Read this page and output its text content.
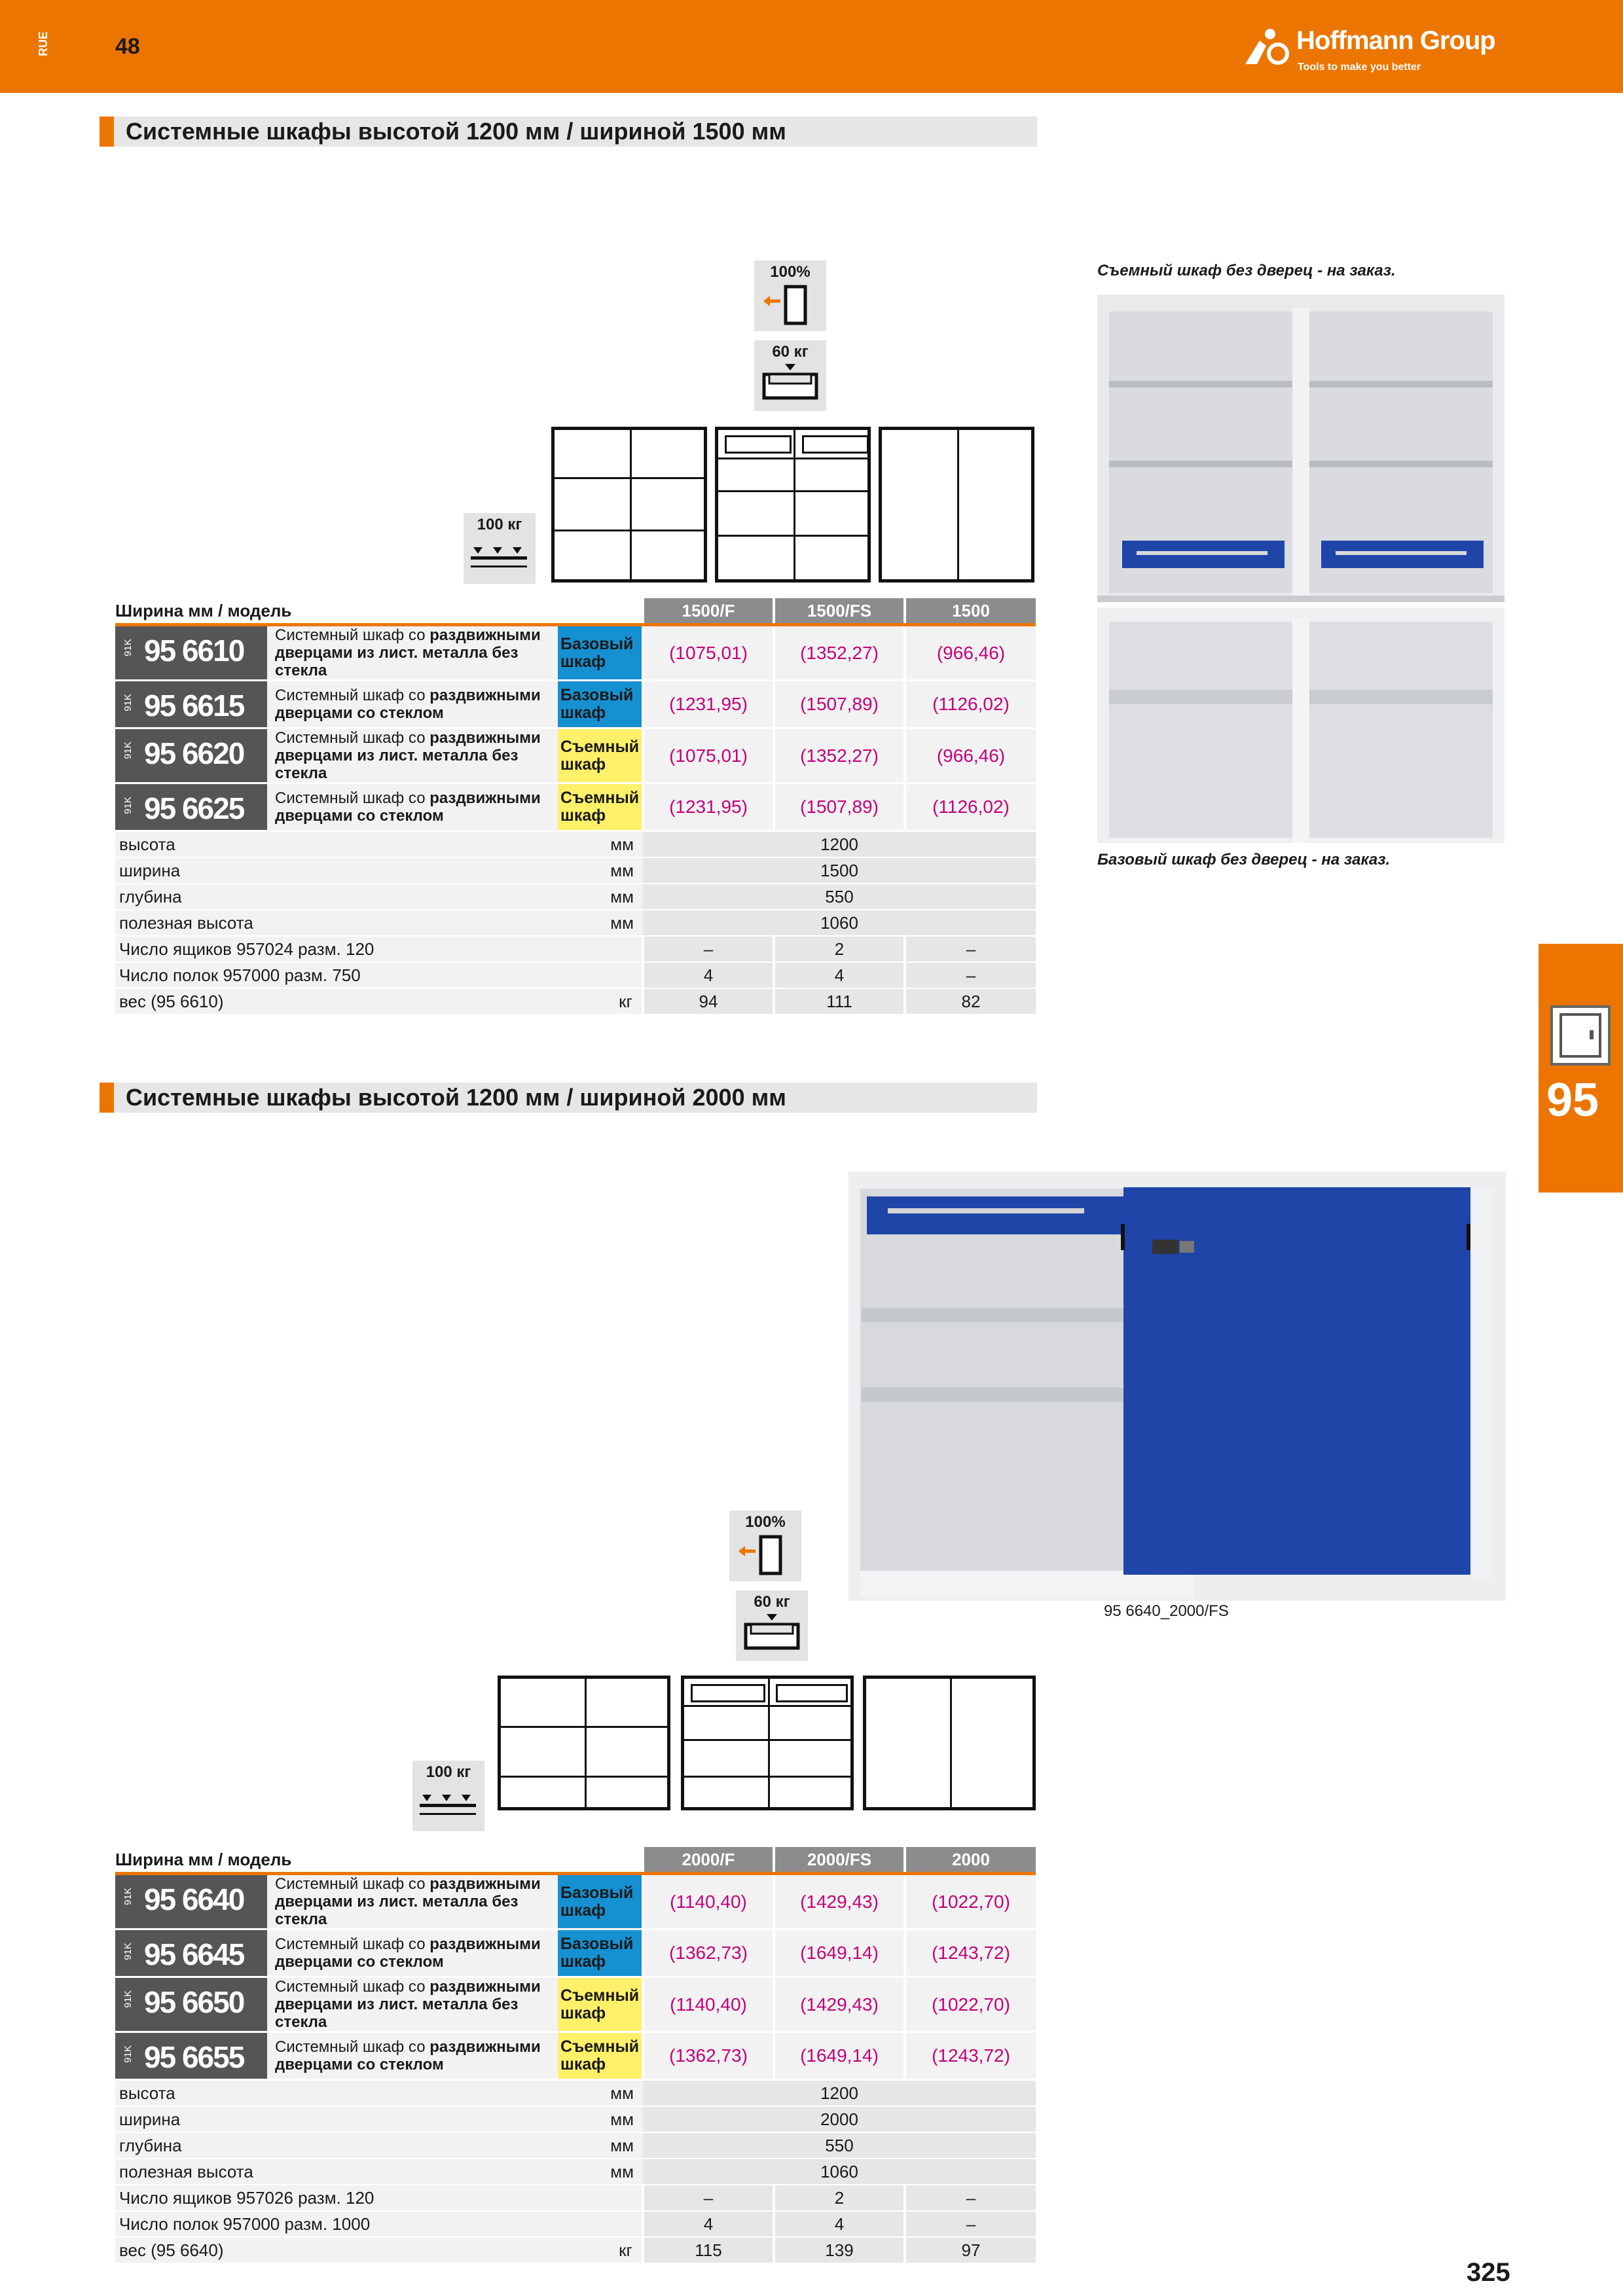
RUE	48	Hoffmann Group
Tools to make you better
Системные шкафы высотой 1200 мм / шириной 1500 мм
100%
60 кг
100 кг
Съемный шкаф без дверец - на заказ.
Базовый шкаф без дверец - на заказ.
Ширина мм / модель			1500/F	1500/FS	1500

91K 95 6610	Системный шкаф со раздвижными
дверцами из лист. металла без стекла	Базовый шкаф	(1075,01)	(1352,27)	(966,46)

91K 95 6615	Системный шкаф со раздвижными
дверцами со стеклом	Базовый шкаф	(1231,95)	(1507,89)	(1126,02)

91K 95 6620	Системный шкаф со раздвижными
дверцами из лист. металла без стекла	Съемный шкаф	(1075,01)	(1352,27)	(966,46)

91K 95 6625	Системный шкаф со раздвижными
дверцами со стеклом	Съемный шкаф	(1231,95)	(1507,89)	(1126,02)
высота		мм	1200		
ширина		мм	1500		
глубина		мм	550		
полезная высота		мм	1060		
Число ящиков 957024 разм. 120			–	2	–
Число полок 957000 разм. 750			4	4	–
вес (95 6610)		кг	94	111	82
95
Системные шкафы высотой 1200 мм / шириной 2000 мм
95 6640_2000/FS
100%
60 кг
100 кг
Ширина мм / модель			2000/F	2000/FS	2000

91K 95 6640	Системный шкаф со раздвижными
дверцами из лист. металла без стекла	Базовый шкаф	(1140,40)	(1429,43)	(1022,70)

91K 95 6645	Системный шкаф со раздвижными
дверцами со стеклом	Базовый шкаф	(1362,73)	(1649,14)	(1243,72)

91K 95 6650	Системный шкаф со раздвижными
дверцами из лист. металла без стекла	Съемный шкаф	(1140,40)	(1429,43)	(1022,70)

91K 95 6655	Системный шкаф со раздвижными
дверцами со стеклом	Съемный шкаф	(1362,73)	(1649,14)	(1243,72)
высота		мм	1200		
ширина		мм	2000		
глубина		мм	550		
полезная высота		мм	1060		
Число ящиков 957026 разм. 120			–	2	–
Число полок 957000 разм. 1000			4	4	–
вес (95 6640)		кг	115	139	97
325
